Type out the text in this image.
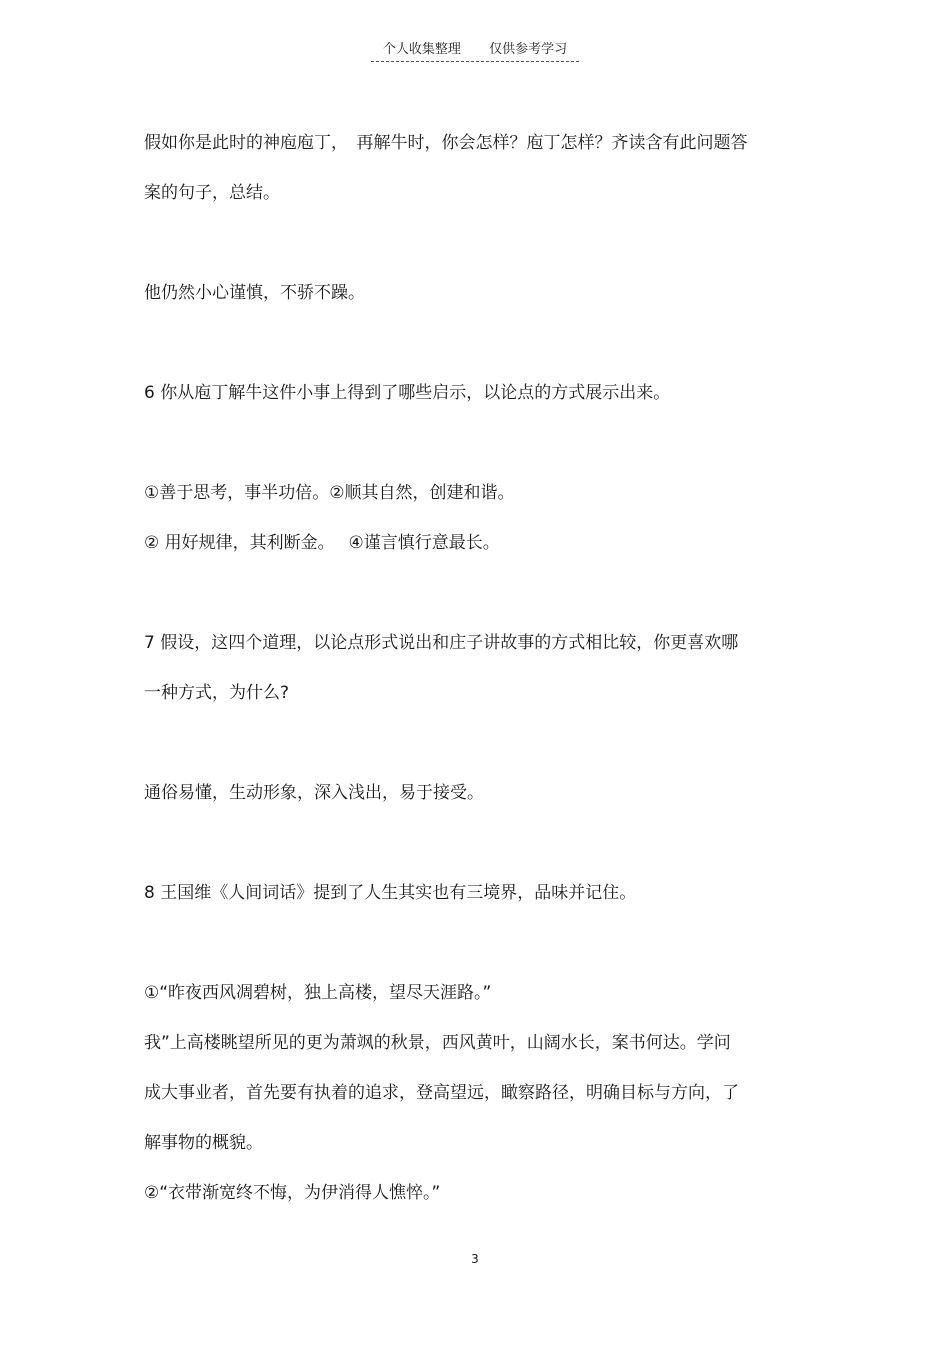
个人收集整理 仅供参考学习
假如你是此时的神庖庖丁，　再解牛时，你会怎样？庖丁怎样？齐读含有此问题答
案的句子，总结。
他仍然小心谨慎，不骄不躁。
6 你从庖丁解牛这件小事上得到了哪些启示，以论点的方式展示出来。
①善于思考，事半功倍。②顺其自然，创建和谐。
② 用好规律，其利断金。　 ④谨言慎行意最长。
7 假设，这四个道理，以论点形式说出和庄子讲故事的方式相比较，你更喜欢哪
一种方式，为什么?
通俗易懂，生动形象，深入浅出，易于接受。
8 王国维《人间词话》提到了人生其实也有三境界，品味并记住。
①“昨夜西风凋碧树，独上高楼，望尽天涯路。”
我”上高楼眺望所见的更为萧飒的秋景，西风黄叶，山阔水长，案书何达。学问
成大事业者，首先要有执着的追求，登高望远，瞰察路径，明确目标与方向，了
解事物的概貌。
②“衣带渐宽终不悔，为伊消得人憔悴。”
3
